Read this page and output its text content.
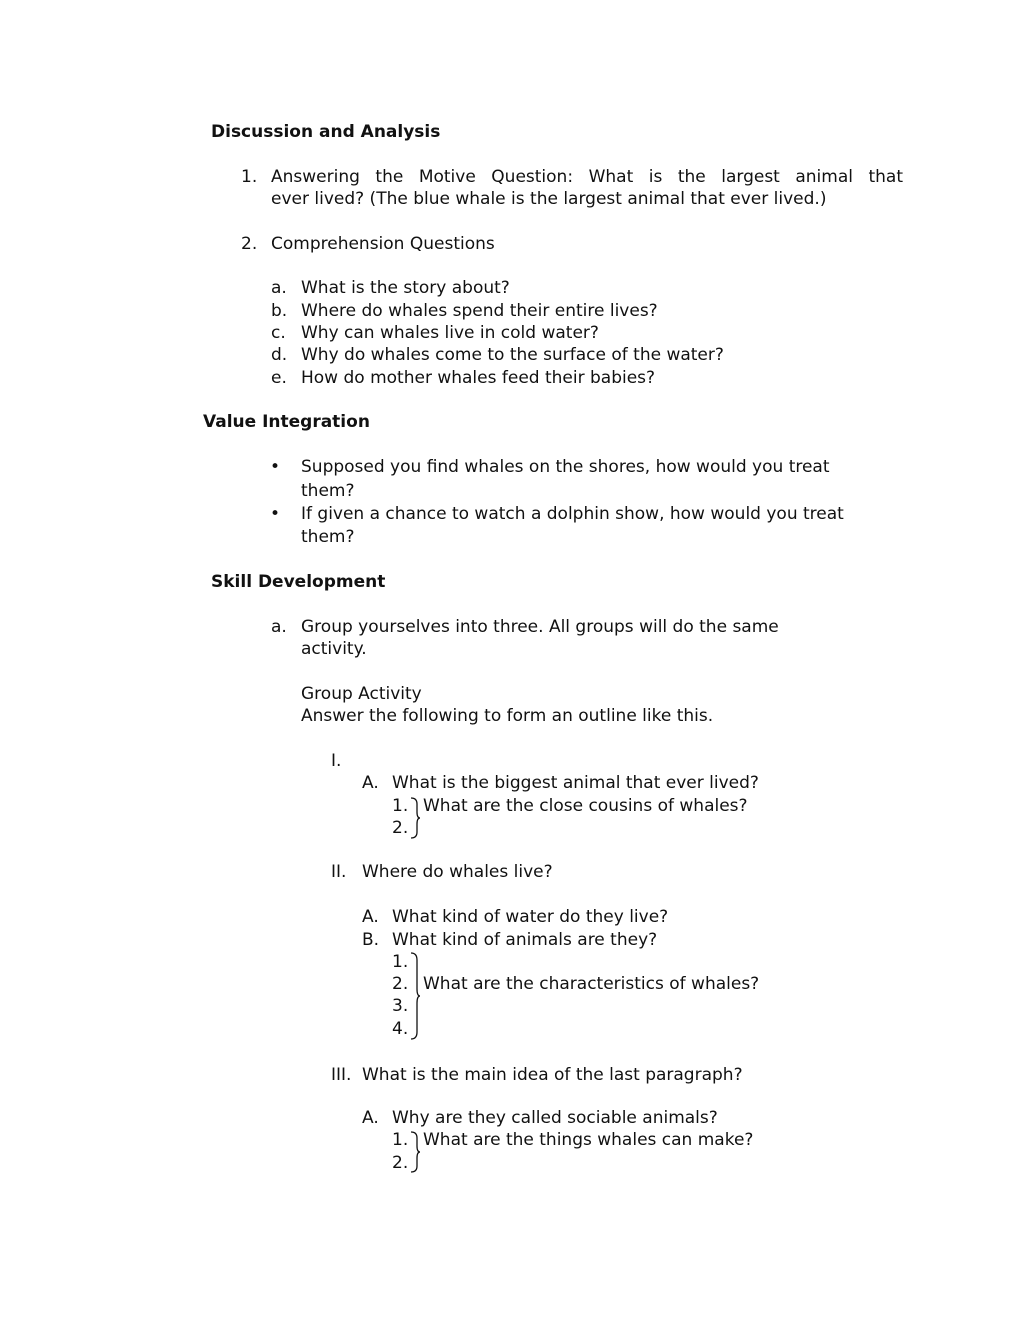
Discussion and Analysis
1. Answering the Motive Question: What is the largest animal that
ever lived? (The blue whale is the largest animal that ever lived.)
2. Comprehension Questions
a. What is the story about?
b. Where do whales spend their entire lives?
c. Why can whales live in cold water?
d. Why do whales come to the surface of the water?
e. How do mother whales feed their babies?
Value Integration
• Supposed you find whales on the shores, how would you treat
them?
• If given a chance to watch a dolphin show, how would you treat
them?
Skill Development
a. Group yourselves into three. All groups will do the same
activity.
Group Activity
Answer the following to form an outline like this.
I.
A. What is the biggest animal that ever lived?
1.
2.
What are the close cousins of whales?
II. Where do whales live?
A. What kind of water do they live?
B. What kind of animals are they?
1.
2.
3.
4.
What are the characteristics of whales?
III. What is the main idea of the last paragraph?
A. Why are they called sociable animals?
1.
2.
What are the things whales can make?
